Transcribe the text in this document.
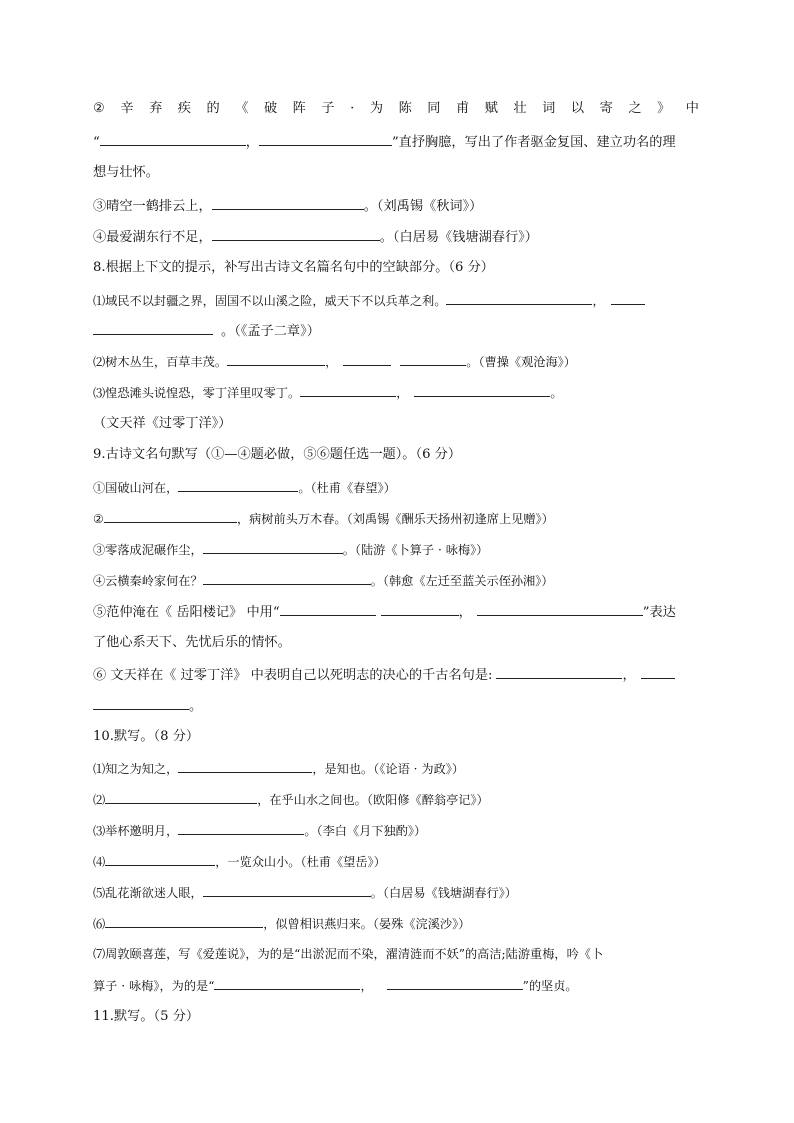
② 辛 弃 疾 的 《 破 阵 子 · 为 陈 同 甫 赋 壮 词 以 寄 之 》 中
“	，	”直抒胸臆，写出了作者驱金复国、建立功名的理
想与壮怀。
③晴空一鹤排云上，	。（刘禹锡《秋词》）
④最爱湖东行不足，	。（白居易《钱塘湖春行》）
8.根据上下文的提示，补写出古诗文名篇名句中的空缺部分。（6 分）
⑴域民不以封疆之界，固国不以山溪之险，威天下不以兵革之利。	，
。（《孟子二章》）
⑵树木丛生，百草丰茂。	，	。（曹操《观沧海》）
⑶惶恐滩头说惶恐，零丁洋里叹零丁。	，	。
（文天祥《过零丁洋》）
9.古诗文名句默写（①—④题必做，⑤⑥题任选一题）。（6 分）
①国破山河在，	。（杜甫《春望》）
②	，病树前头万木春。（刘禹锡《酬乐天扬州初逢席上见赠》）
③零落成泥碾作尘，	。（陆游《卜算子 · 咏梅》）
④云横秦岭家何在？	。（韩愈《左迁至蓝关示侄孙湘》）
⑤范仲淹在《 岳阳楼记》 中用“	，	”表达
了他心系天下、先忧后乐的情怀。
⑥ 文天祥在《 过零丁洋》 中表明自己以死明志的决心的千古名句是:	，
。
10.默写。（8 分）
⑴知之为知之，	，是知也。（《论语 · 为政》）
⑵	，在乎山水之间也。（欧阳修《醉翁亭记》）
⑶举杯邀明月，	。（李白《月下独酌》）
⑷	，一览众山小。（杜甫《望岳》）
⑸乱花渐欲迷人眼，	。（白居易《钱塘湖春行》）
⑹	，似曾相识燕归来。（晏殊《浣溪沙》）
⑺周敦颐喜莲，写《爱莲说》，为的是“出淤泥而不染，濯清涟而不妖”的高洁;陆游重梅，吟《卜
算子 · 咏梅》，为的是“	，	”的坚贞。
11.默写。（5 分）
